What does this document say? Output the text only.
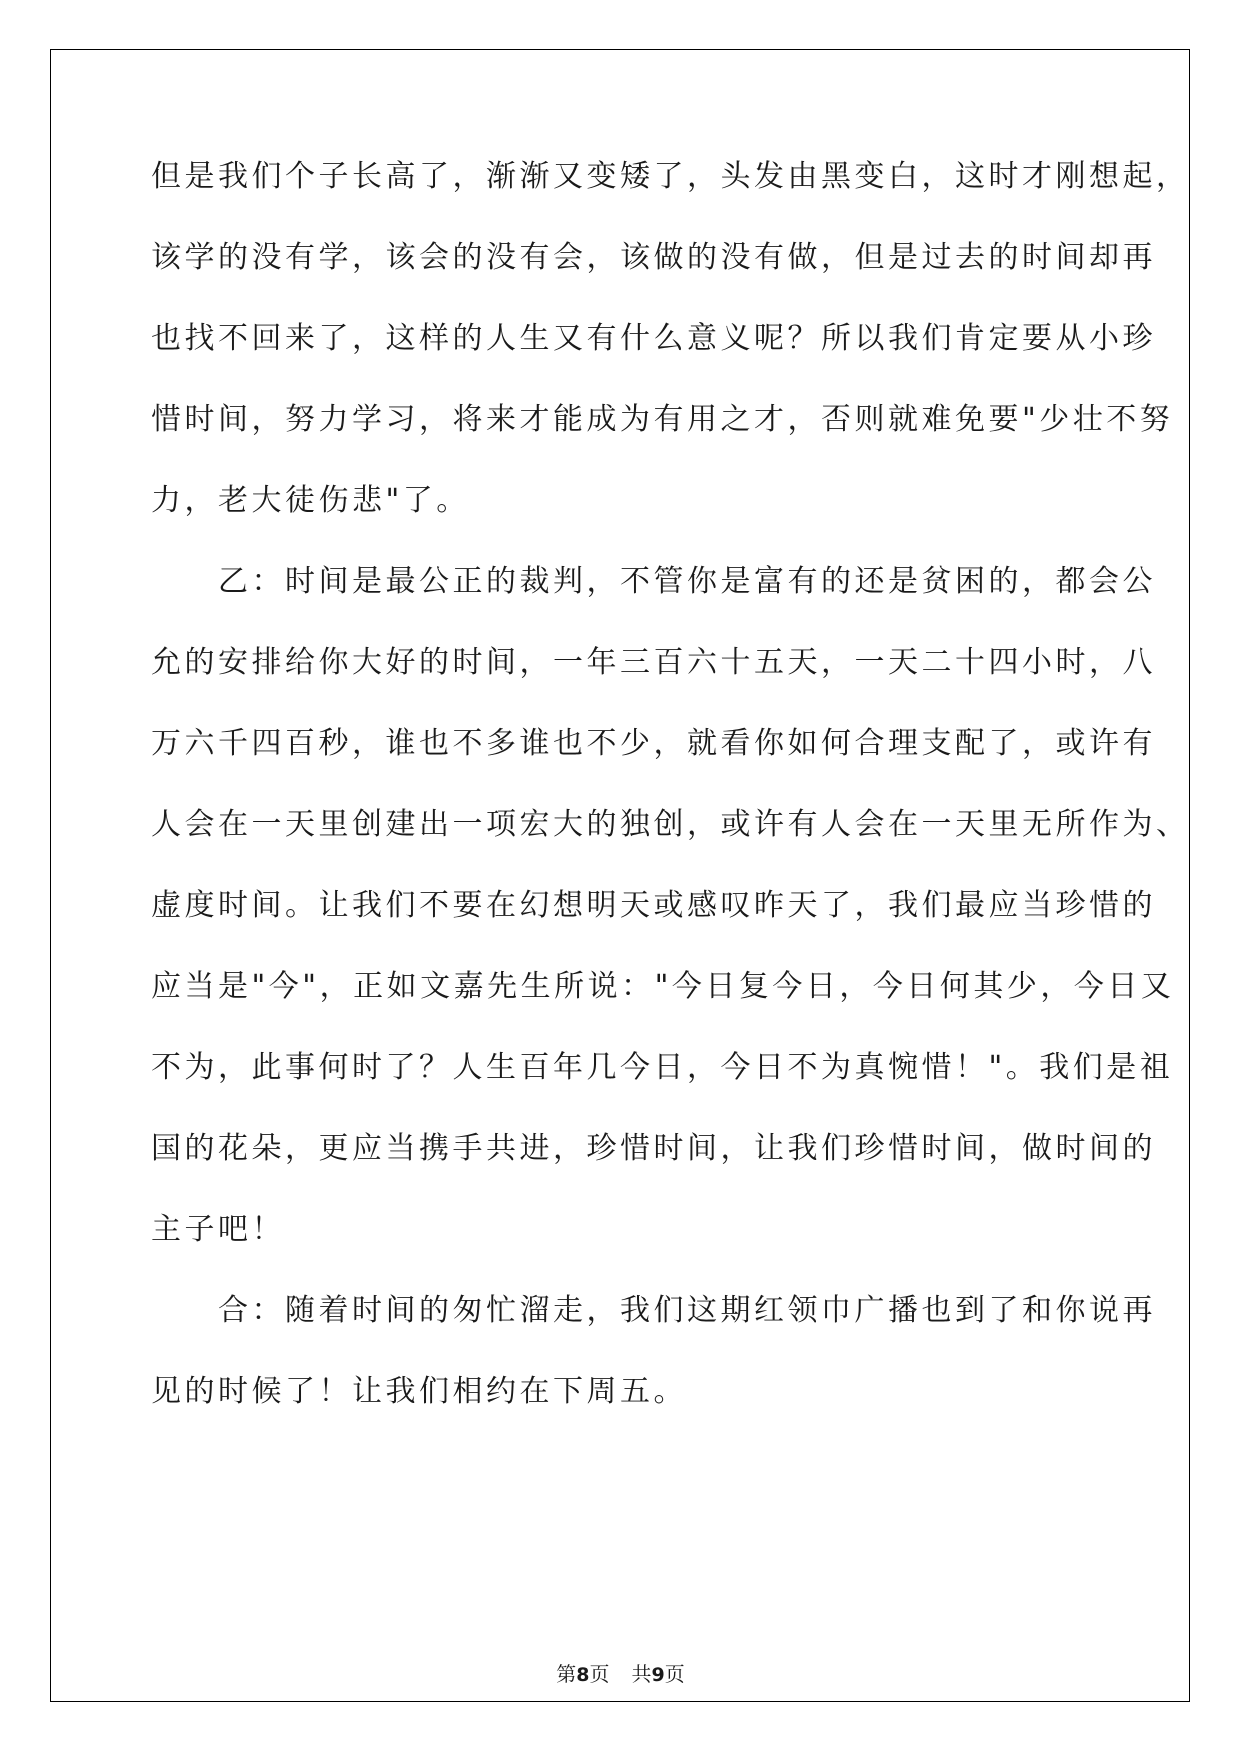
但是我们个子长高了，渐渐又变矮了，头发由黑变白，这时才刚想起，
该学的没有学，该会的没有会，该做的没有做，但是过去的时间却再
也找不回来了，这样的人生又有什么意义呢？所以我们肯定要从小珍
惜时间，努力学习，将来才能成为有用之才，否则就难免要"少壮不努
力，老大徒伤悲"了。
　　乙：时间是最公正的裁判，不管你是富有的还是贫困的，都会公
允的安排给你大好的时间，一年三百六十五天，一天二十四小时，八
万六千四百秒，谁也不多谁也不少，就看你如何合理支配了，或许有
人会在一天里创建出一项宏大的独创，或许有人会在一天里无所作为、
虚度时间。让我们不要在幻想明天或感叹昨天了，我们最应当珍惜的
应当是"今"，正如文嘉先生所说："今日复今日，今日何其少，今日又
不为，此事何时了？人生百年几今日，今日不为真惋惜！"。我们是祖
国的花朵，更应当携手共进，珍惜时间，让我们珍惜时间，做时间的
主子吧！
　　合：随着时间的匆忙溜走，我们这期红领巾广播也到了和你说再
见的时候了！让我们相约在下周五。
第8页 共9页
